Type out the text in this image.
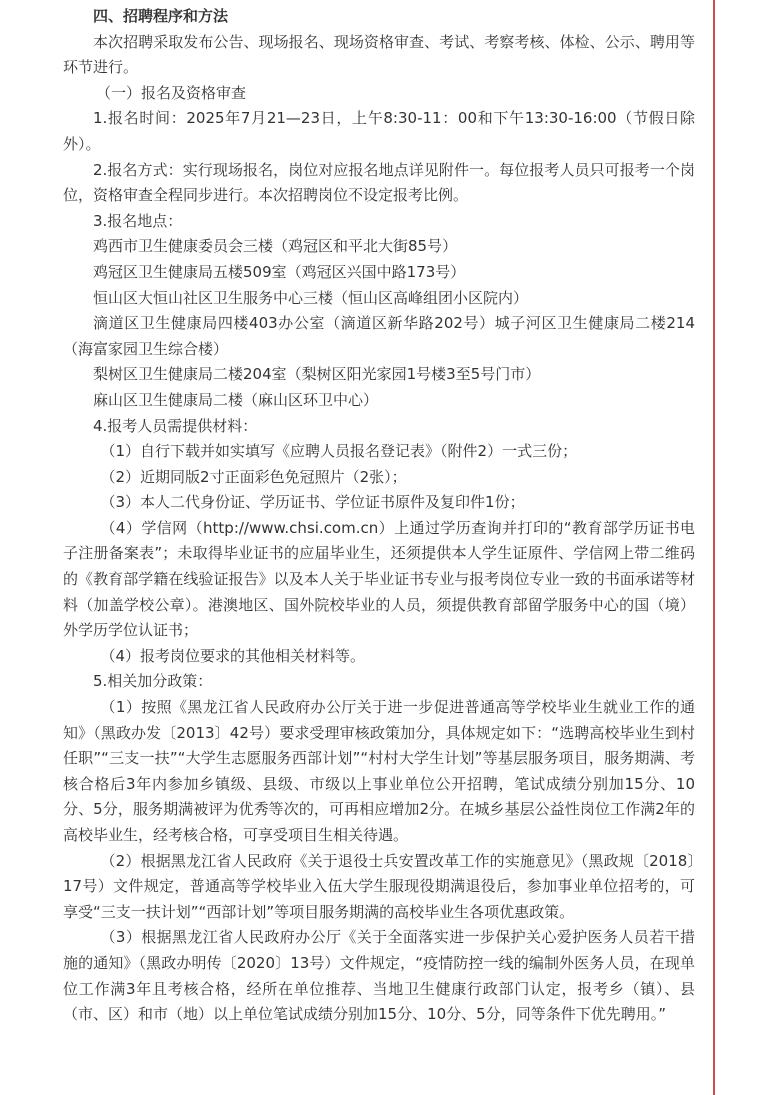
四、招聘程序和方法

本次招聘采取发布公告、现场报名、现场资格审查、考试、考察考核、体检、公示、聘用等环节进行。

（一）报名及资格审查

1.报名时间：2025年7月21—23日，上午8:30-11：00和下午13:30-16:00（节假日除外）。

2.报名方式：实行现场报名，岗位对应报名地点详见附件一。每位报考人员只可报考一个岗位，资格审查全程同步进行。本次招聘岗位不设定报考比例。

3.报名地点：

鸡西市卫生健康委员会三楼（鸡冠区和平北大街85号）

鸡冠区卫生健康局五楼509室（鸡冠区兴国中路173号）

恒山区大恒山社区卫生服务中心三楼（恒山区高峰组团小区院内）

滴道区卫生健康局四楼403办公室（滴道区新华路202号）城子河区卫生健康局二楼214（海富家园卫生综合楼）

梨树区卫生健康局二楼204室（梨树区阳光家园1号楼3至5号门市）

麻山区卫生健康局二楼（麻山区环卫中心）

4.报考人员需提供材料：

（1）自行下载并如实填写《应聘人员报名登记表》（附件2）一式三份；

（2）近期同版2寸正面彩色免冠照片（2张）；

（3）本人二代身份证、学历证书、学位证书原件及复印件1份；

（4）学信网（http://www.chsi.com.cn）上通过学历查询并打印的“教育部学历证书电子注册备案表”；未取得毕业证书的应届毕业生，还须提供本人学生证原件、学信网上带二维码的《教育部学籍在线验证报告》以及本人关于毕业证书专业与报考岗位专业一致的书面承诺等材料（加盖学校公章）。港澳地区、国外院校毕业的人员，须提供教育部留学服务中心的国（境）外学历学位认证书；

（4）报考岗位要求的其他相关材料等。

5.相关加分政策：

（1）按照《黑龙江省人民政府办公厅关于进一步促进普通高等学校毕业生就业工作的通知》（黑政办发〔2013〕42号）要求受理审核政策加分，具体规定如下：“选聘高校毕业生到村任职”“三支一扶”“大学生志愿服务西部计划”“村村大学生计划”等基层服务项目，服务期满、考核合格后3年内参加乡镇级、县级、市级以上事业单位公开招聘，笔试成绩分别加15分、10分、5分，服务期满被评为优秀等次的，可再相应增加2分。在城乡基层公益性岗位工作满2年的高校毕业生，经考核合格，可享受项目生相关待遇。

（2）根据黑龙江省人民政府《关于退役士兵安置改革工作的实施意见》（黑政规〔2018〕17号）文件规定，普通高等学校毕业入伍大学生服现役期满退役后，参加事业单位招考的，可享受“三支一扶计划”“西部计划”等项目服务期满的高校毕业生各项优惠政策。

（3）根据黑龙江省人民政府办公厅《关于全面落实进一步保护关心爱护医务人员若干措施的通知》（黑政办明传〔2020〕13号）文件规定，“疫情防控一线的编制外医务人员，在现单位工作满3年且考核合格，经所在单位推荐、当地卫生健康行政部门认定，报考乡（镇）、县（市、区）和市（地）以上单位笔试成绩分别加15分、10分、5分，同等条件下优先聘用。”
